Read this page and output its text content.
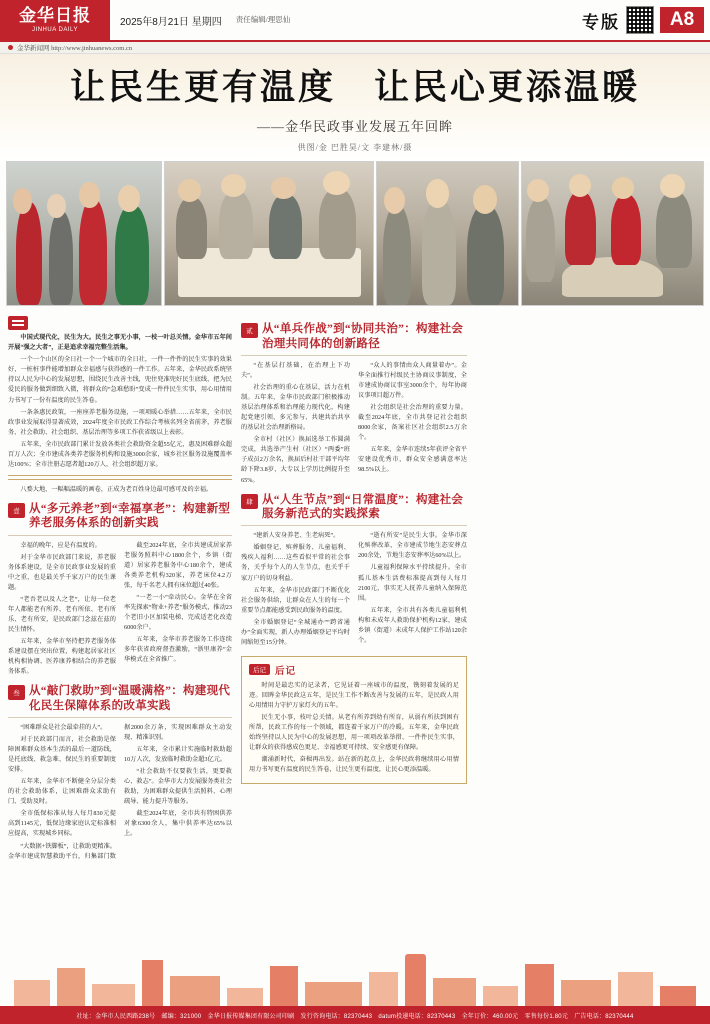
金华日报
JINHUA DAILY
2025年8月21日 星期四 责任编辑/理思仙	专版	A8
金华新闻网 http://www.jinhuanews.com.cn
让民生更有温度　让民心更添温暖
——金华民政事业发展五年回眸
供图/金 巴胜昊/文 李建林/摄

中国式现代化，民生为大。民生之事无小事，一枝一叶总关情。金华市五年间开展“强之大者”，正是追求幸福完整生活集。

一个一个山区的全日社一个一个城市的全日社，一件一件件的民生实事的效果好，一桩桩事件能增加群众幸福感与获得感的一件工作。五年来，金华民政系统坚持以人民为中心的发展思想，围绕民生改善主线，兜住兜准兜好民生底线，把为民爱民的服务做到细致入微，将群众的“急难愁盼”变成一件件民生实事，用心用情用力书写了一份有温度的民生答卷。

一条条惠民政策，一座座养老服务设施，一项项暖心举措……五年来，全市民政事业发展取得显著成效，2024年度全市民政工作综合考核名列全省前茅，养老服务、社会救助、社会组织、基层治理等多项工作获省级以上表彰。

五年来，全市民政部门累计发放各类社会救助资金超55亿元，惠及困难群众超百万人次；全市建成各类养老服务机构和设施3000余家，城乡社区服务设施覆盖率达100%；全市注册志愿者超120万人，社会组织超万家。

八婺大地，一幅幅温暖的画卷，正成为老百姓身边最可感可及的幸福。

壹 从“多元养老”到“幸福享老”：构建新型养老服务体系的创新实践

幸福的晚年，应是有温度的。

对于金华市民政部门来说，养老服务体系建设，是全市民政事业发展的重中之重，也是最关乎千家万户的民生课题。

“老吾老以及人之老”，让每一位老年人都能老有所养、老有所依、老有所乐、老有所安，是民政部门念兹在兹的民生情怀。

五年来，金华市坚持把养老服务体系建设摆在突出位置，构建起居家社区机构相协调、医养康养相结合的养老服务体系。

截至2024年底，全市共建成居家养老服务照料中心1800余个，乡镇（街道）居家养老服务中心180余个，建成各类养老机构320家，养老床位4.2万张，每千名老人拥有床位超过40张。

“一老一小”牵动民心。金华在全省率先探索“物业+养老”服务模式，推动23个老旧小区加装电梯，完成适老化改造6000余户。

五年来，金华市养老服务工作连续多年获省政府督查激励，“浙里康养”金华模式在全省推广。

叁 从“敲门救助”到“温暖满格”：构建现代化民生保障体系的改革实践

“困难群众是社会最牵挂的人”。

对于民政部门而言，社会救助是保障困难群众基本生活的最后一道防线，是托底线、救急难、保民生的重要制度安排。

五年来，金华市不断健全分层分类的社会救助体系，让困难群众求助有门、受助及时。

全市低保标准从每人每月830元提高到1145元，低保边缘家庭认定标准相应提高，实现城乡同标。

“大数据+铁脚板”，让救助更精准。金华市建成智慧救助平台，归集部门数据2000余万条，实现困难群众主动发现、精准识别。

五年来，全市累计实施临时救助超10万人次，发放临时救助金超3亿元。

“社会救助不仅要救生活，更要救心、救志”。金华市大力发展服务类社会救助，为困难群众提供生活照料、心理疏导、能力提升等服务。

截至2024年底，全市共有特困供养对象6300余人，集中供养率达65%以上。

贰 从“单兵作战”到“协同共治”：构建社会治理共同体的创新路径

“在基层打基础，在治理上下功夫”。

社会治理的重心在基层，活力在机制。五年来，金华市民政部门积极推动基层治理体系和治理能力现代化，构建起党建引领、多元参与、共建共治共享的基层社会治理新格局。

全市村（社区）换届选举工作圆满完成，共选举产生村（社区）“两委”班子成员2万余名，换届后村社干部平均年龄下降3.8岁，大专以上学历比例提升至65%。

“众人的事情由众人商量着办”。金华全面推行村级民主协商议事制度，全市建成协商议事室3000余个，每年协商议事项目超万件。

社会组织是社会治理的重要力量。截至2024年底，全市共登记社会组织8000余家，备案社区社会组织2.5万余个。

五年来，金华市连续5年获评全省平安建设优秀市，群众安全感满意率达98.5%以上。

肆 从“人生节点”到“日常温度”：构建社会服务新范式的实践探索

“建新人安身养老、生老病死”。

婚姻登记、殡葬服务、儿童福利、残疾人福利……这些看似平常的社会事务，关乎每个人的人生节点，也关乎千家万户的切身利益。

五年来，金华市民政部门不断优化社会服务供给，让群众在人生的每一个重要节点都能感受到民政服务的温度。

全市婚姻登记“全城通办”“跨省通办”全面实现，新人办理婚姻登记平均时间缩短至15分钟。

“逝有所安”是民生大事。金华市深化殡葬改革，全市建成节地生态安葬点200余处，节地生态安葬率达60%以上。

儿童福利保障水平持续提升。全市孤儿基本生活费标准提高到每人每月2100元，事实无人抚养儿童纳入保障范围。

五年来，全市共有各类儿童福利机构和未成年人救助保护机构12家，建成乡镇（街道）未成年人保护工作站120余个。

后记 后记

时间是最忠实的记录者，它见证着一座城市的温度，镌刻着发展的足迹。回眸金华民政这五年，是民生工作不断改善与发展的五年，是民政人用心用情用力守护万家灯火的五年。

民生无小事，枝叶总关情。从老有所养到幼有所育，从弱有所扶到困有所帮，民政工作的每一个领域，都连着千家万户的冷暖。五年来，金华民政始终坚持以人民为中心的发展思想，用一项项改革举措、一件件民生实事，让群众的获得感成色更足、幸福感更可持续、安全感更有保障。

潮涌新时代，奋楫再出发。站在新的起点上，金华民政将继续用心用情用力书写更有温度的民生答卷，让民生更有温度，让民心更添温暖。

社址：金华市人民西路238号　邮编：321000　金华日报传媒集团有限公司印刷　发行咨询电话：82370443　datum投递电话：82370443　全年订价：460.00元　零售每份1.80元　广告电话：82370444
